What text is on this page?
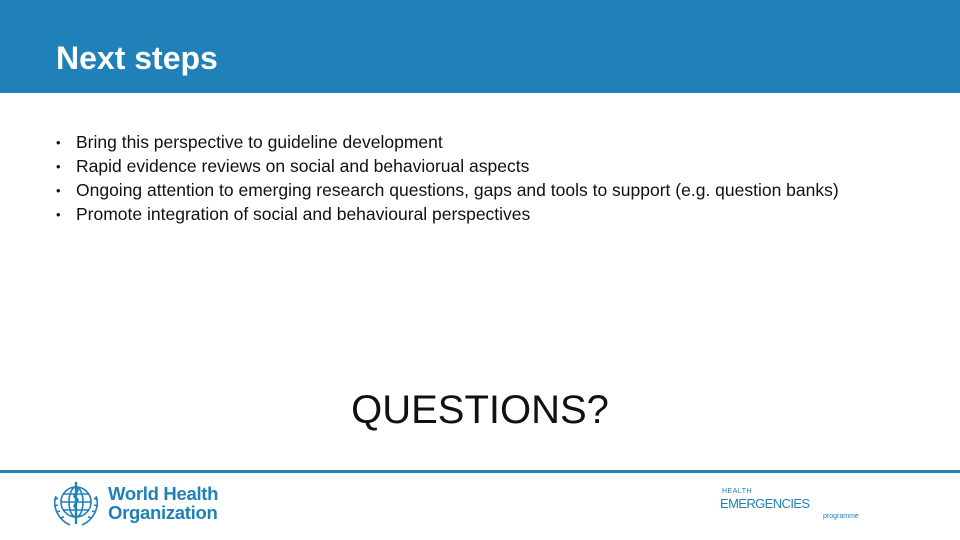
Next steps
• Bring this perspective to guideline development
• Rapid evidence reviews on social and behaviorual aspects
• Ongoing attention to emerging research questions, gaps and tools to support (e.g. question banks)
• Promote integration of social and behavioural perspectives
QUESTIONS?
World Health
Organization
HEALTH
EMERGENCIES
programme
